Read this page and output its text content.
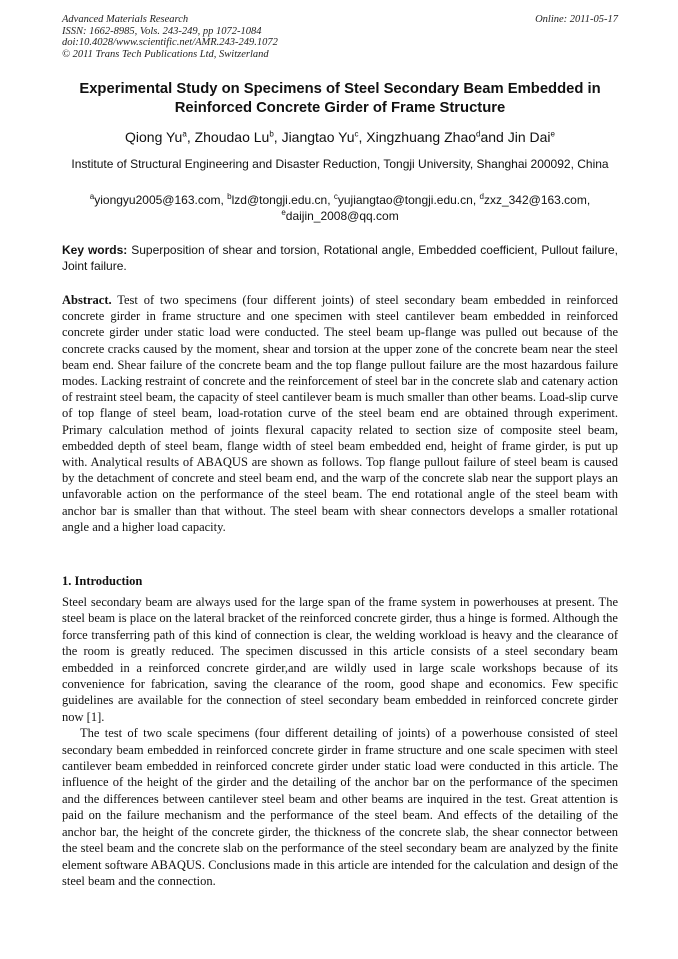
Advanced Materials Research
ISSN: 1662-8985, Vols. 243-249, pp 1072-1084
doi:10.4028/www.scientific.net/AMR.243-249.1072
© 2011 Trans Tech Publications Ltd, Switzerland
Online: 2011-05-17
Experimental Study on Specimens of Steel Secondary Beam Embedded in Reinforced Concrete Girder of Frame Structure
Qiong Yu$^a$, Zhoudao Lu$^b$, Jiangtao Yu$^c$, Xingzhuang Zhao$^d$and Jin Dai$^e$
Institute of Structural Engineering and Disaster Reduction, Tongji University, Shanghai 200092, China
$^a$yiongyu2005@163.com, $^b$lzd@tongji.edu.cn, $^c$yujiangtao@tongji.edu.cn, $^d$zxz_342@163.com,
$^e$daijin_2008@qq.com
Key words: Superposition of shear and torsion, Rotational angle, Embedded coefficient, Pullout failure, Joint failure.
Abstract. Test of two specimens (four different joints) of steel secondary beam embedded in reinforced concrete girder in frame structure and one specimen with steel cantilever beam embedded in reinforced concrete girder under static load were conducted. The steel beam up-flange was pulled out because of the concrete cracks caused by the moment, shear and torsion at the upper zone of the concrete beam near the steel beam end. Shear failure of the concrete beam and the top flange pullout failure are the most hazardous failure modes. Lacking restraint of concrete and the reinforcement of steel bar in the concrete slab and catenary action of restraint steel beam, the capacity of steel cantilever beam is much smaller than other beams. Load-slip curve of top flange of steel beam, load-rotation curve of the steel beam end are obtained through experiment. Primary calculation method of joints flexural capacity related to section size of composite steel beam, embedded depth of steel beam, flange width of steel beam embedded end, height of frame girder, is put up with. Analytical results of ABAQUS are shown as follows. Top flange pullout failure of steel beam is caused by the detachment of concrete and steel beam end, and the warp of the concrete slab near the support plays an unfavorable action on the performance of the steel beam. The end rotational angle of the steel beam with anchor bar is smaller than that without. The steel beam with shear connectors develops a smaller rotational angle and a higher load capacity.
1. Introduction

Steel secondary beam are always used for the large span of the frame system in powerhouses at present. The steel beam is place on the lateral bracket of the reinforced concrete girder, thus a hinge is formed. Although the force transferring path of this kind of connection is clear, the welding workload is heavy and the clearance of the room is greatly reduced. The specimen discussed in this article consists of a steel secondary beam embedded in a reinforced concrete girder,and are wildly used in large scale workshops because of its convenience for fabrication, saving the clearance of the room, good shape and economics. Few specific guidelines are available for the connection of steel secondary beam embedded in reinforced concrete girder now [1].

The test of two scale specimens (four different detailing of joints) of a powerhouse consisted of steel secondary beam embedded in reinforced concrete girder in frame structure and one scale specimen with steel cantilever beam embedded in reinforced concrete girder under static load were conducted in this article. The influence of the height of the girder and the detailing of the anchor bar on the performance of the specimen and the differences between cantilever steel beam and other beams are inquired in the test. Great attention is paid on the failure mechanism and the performance of the steel beam. And effects of the detailing of the anchor bar, the height of the concrete girder, the thickness of the concrete slab, the shear connector between the steel beam and the concrete slab on the performance of the steel secondary beam are analyzed by the finite element software ABAQUS. Conclusions made in this article are intended for the calculation and design of the steel beam and the connection.
